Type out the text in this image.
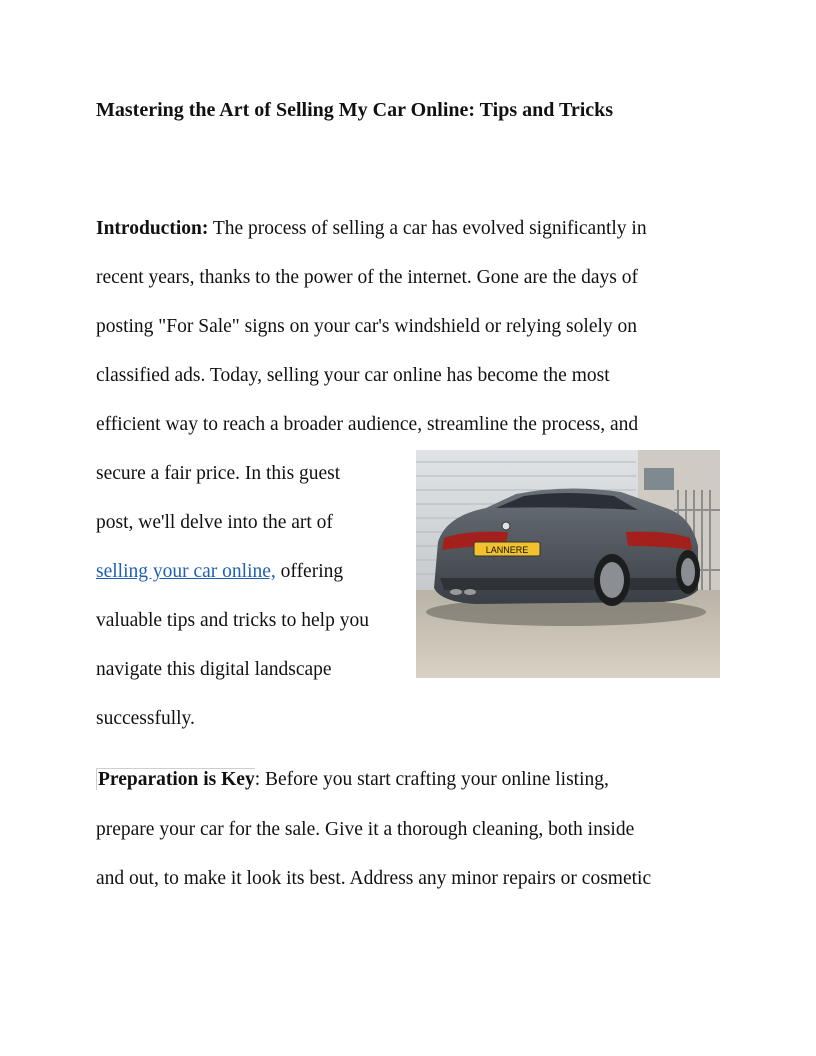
Mastering the Art of Selling My Car Online: Tips and Tricks
Introduction: The process of selling a car has evolved significantly in
recent years, thanks to the power of the internet. Gone are the days of
posting "For Sale" signs on your car's windshield or relying solely on
classified ads. Today, selling your car online has become the most
efficient way to reach a broader audience, streamline the process, and
secure a fair price. In this guest
post, we'll delve into the art of
selling your car online, offering
valuable tips and tricks to help you
navigate this digital landscape
successfully.
LANNERE
Preparation is Key: Before you start crafting your online listing,
prepare your car for the sale. Give it a thorough cleaning, both inside
and out, to make it look its best. Address any minor repairs or cosmetic
